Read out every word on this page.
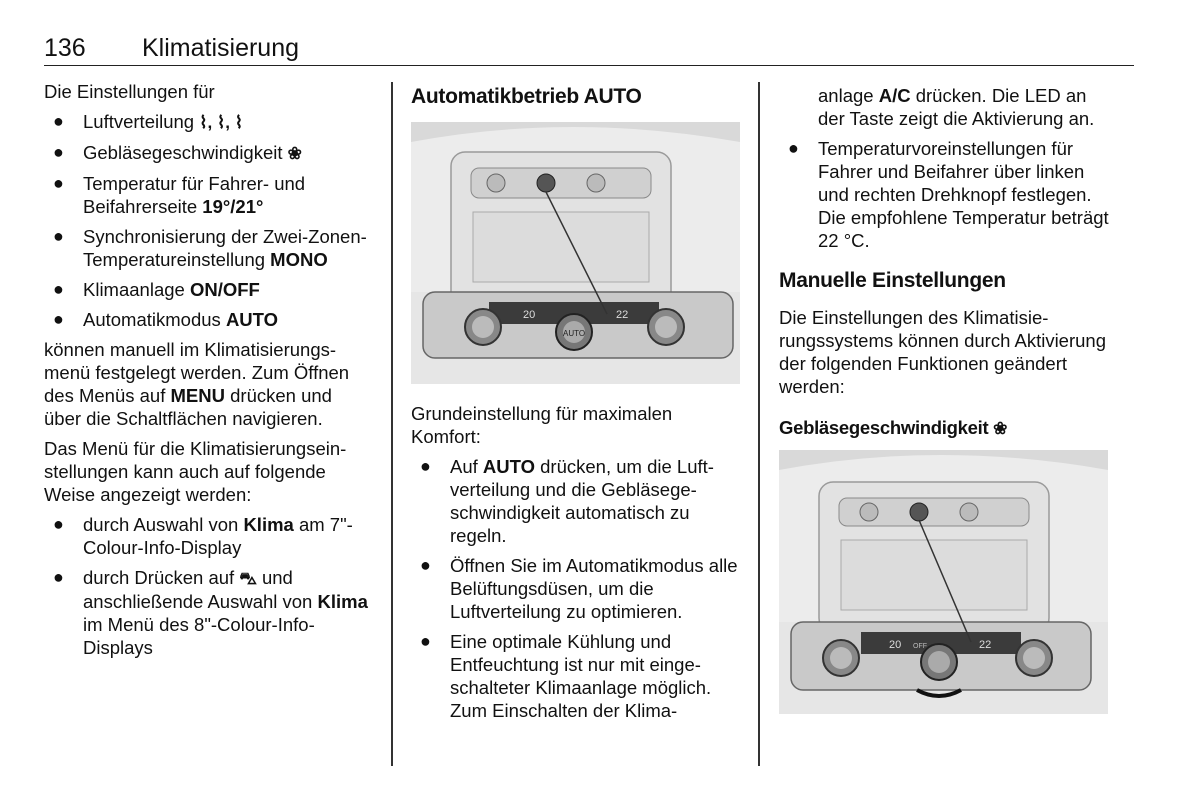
136 Klimatisierung

Die Einstellungen für

● Luftverteilung ⌇, ⌇, ⌇
● Gebläsegeschwindigkeit ❀
● Temperatur für Fahrer- und Beifahrerseite 19°/21°
● Synchronisierung der Zwei-Zonen-Temperatureinstellung MONO
● Klimaanlage ON/OFF
● Automatikmodus AUTO

können manuell im Klimatisierungsmenü festgelegt werden. Zum Öffnen des Menüs auf MENU drücken und über die Schaltflächen navigieren.

Das Menü für die Klimatisierungseinstellungen kann auch auf folgende Weise angezeigt werden:

● durch Auswahl von Klima am 7"-Colour-Info-Display
● durch Drücken auf ⛍ und anschließende Auswahl von Klima im Menü des 8"-Colour-Info-Displays
Automatikbetrieb AUTO
20	22
AUTO

Grundeinstellung für maximalen Komfort:

● Auf AUTO drücken, um die Luftverteilung und die Gebläsegeschwindigkeit automatisch zu regeln.
● Öffnen Sie im Automatikmodus alle Belüftungsdüsen, um die Luftverteilung zu optimieren.
● Eine optimale Kühlung und Entfeuchtung ist nur mit eingeschalteter Klimaanlage möglich. Zum Einschalten der Klima-

anlage A/C drücken. Die LED an der Taste zeigt die Aktivierung an.

● Temperaturvoreinstellungen für Fahrer und Beifahrer über linken und rechten Drehknopf festlegen. Die empfohlene Temperatur beträgt 22 °C.
Manuelle Einstellungen

Die Einstellungen des Klimatisierungssystems können durch Aktivierung der folgenden Funktionen geändert werden:

Gebläsegeschwindigkeit ❀
20	22
OFF
